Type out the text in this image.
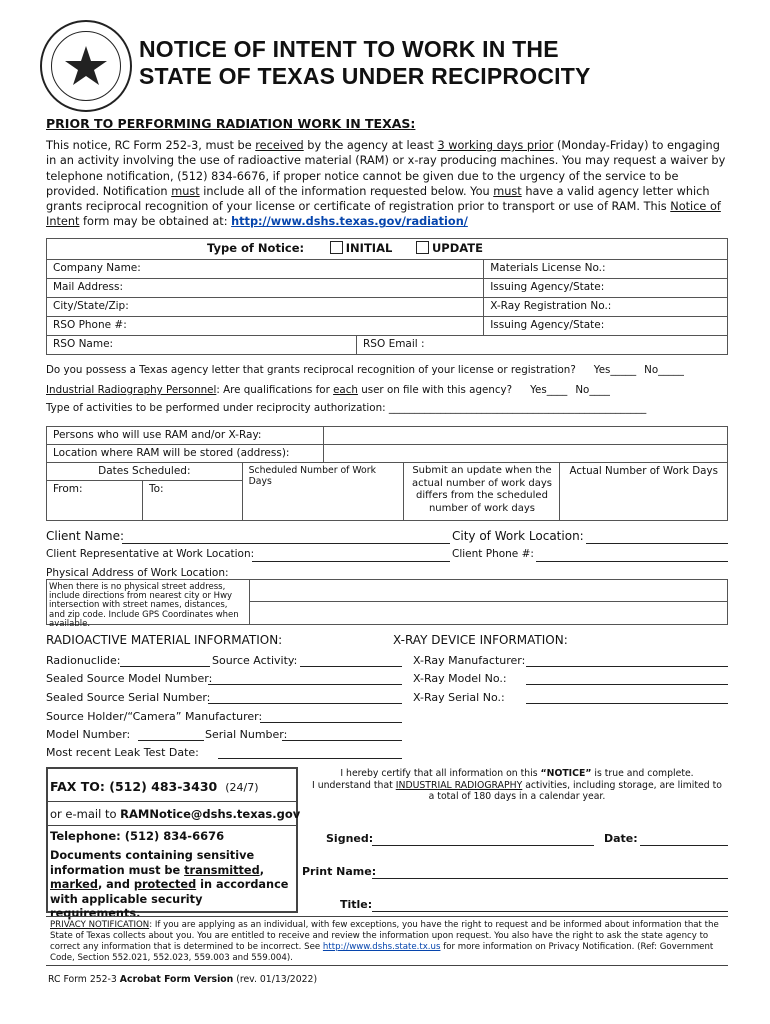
NOTICE OF INTENT TO WORK IN THE
STATE OF TEXAS UNDER RECIPROCITY
PRIOR TO PERFORMING RADIATION WORK IN TEXAS:
This notice, RC Form 252-3, must be received by the agency at least 3 working days prior (Monday-Friday) to engaging in an activity involving the use of radioactive material (RAM) or x-ray producing machines. You may request a waiver by telephone notification, (512) 834-6676, if proper notice cannot be given due to the urgency of the service to be provided. Notification must include all of the information requested below. You must have a valid agency letter which grants reciprocal recognition of your license or certificate of registration prior to transport or use of RAM. This Notice of Intent form may be obtained at: http://www.dshs.texas.gov/radiation/
Type of Notice: INITIAL UPDATE		
Company Name:		Materials License No.:
Mail Address:		Issuing Agency/State:
City/State/Zip:		X-Ray Registration No.:
RSO Phone #:		Issuing Agency/State:
RSO Name:	RSO Email :	
Do you possess a Texas agency letter that grants reciprocal recognition of your license or registration? Yes_____ No_____
Industrial Radiography Personnel: Are qualifications for each user on file with this agency? Yes____ No____
Type of activities to be performed under reciprocity authorization: __________________________________________________
Persons who will use RAM and/or X-Ray:					
Location where RAM will be stored (address):					
Dates Scheduled:		Scheduled Number of Work Days		Submit an update when the actual number of work days differs from the scheduled number of work days	Actual Number of Work Days
From:	To:				
Client Name:	City of Work Location:
Client Representative at Work Location:	Client Phone #:
Physical Address of Work Location:
When there is no physical street address, include directions from nearest city or Hwy intersection with street names, distances, and zip code. Include GPS Coordinates when available.
RADIOACTIVE MATERIAL INFORMATION:	X-RAY DEVICE INFORMATION:
Radionuclide:	Source Activity:	X-Ray Manufacturer:
Sealed Source Model Number:	X-Ray Model No.:
Sealed Source Serial Number:	X-Ray Serial No.:
Source Holder/“Camera” Manufacturer:
Model Number:	Serial Number:
Most recent Leak Test Date:
FAX TO: (512) 483-3430 (24/7)
or e-mail to RAMNotice@dshs.texas.gov
Telephone: (512) 834-6676
Documents containing sensitive information must be transmitted, marked, and protected in accordance with applicable security requirements.
I hereby certify that all information on this “NOTICE” is true and complete.
I understand that INDUSTRIAL RADIOGRAPHY activities, including storage, are limited to a total of 180 days in a calendar year.
Signed:	Date:
Print Name:
Title:
PRIVACY NOTIFICATION: If you are applying as an individual, with few exceptions, you have the right to request and be informed about information that the State of Texas collects about you. You are entitled to receive and review the information upon request. You also have the right to ask the state agency to correct any information that is determined to be incorrect. See http://www.dshs.state.tx.us for more information on Privacy Notification. (Ref: Government Code, Section 552.021, 552.023, 559.003 and 559.004).
RC Form 252-3 Acrobat Form Version (rev. 01/13/2022)
